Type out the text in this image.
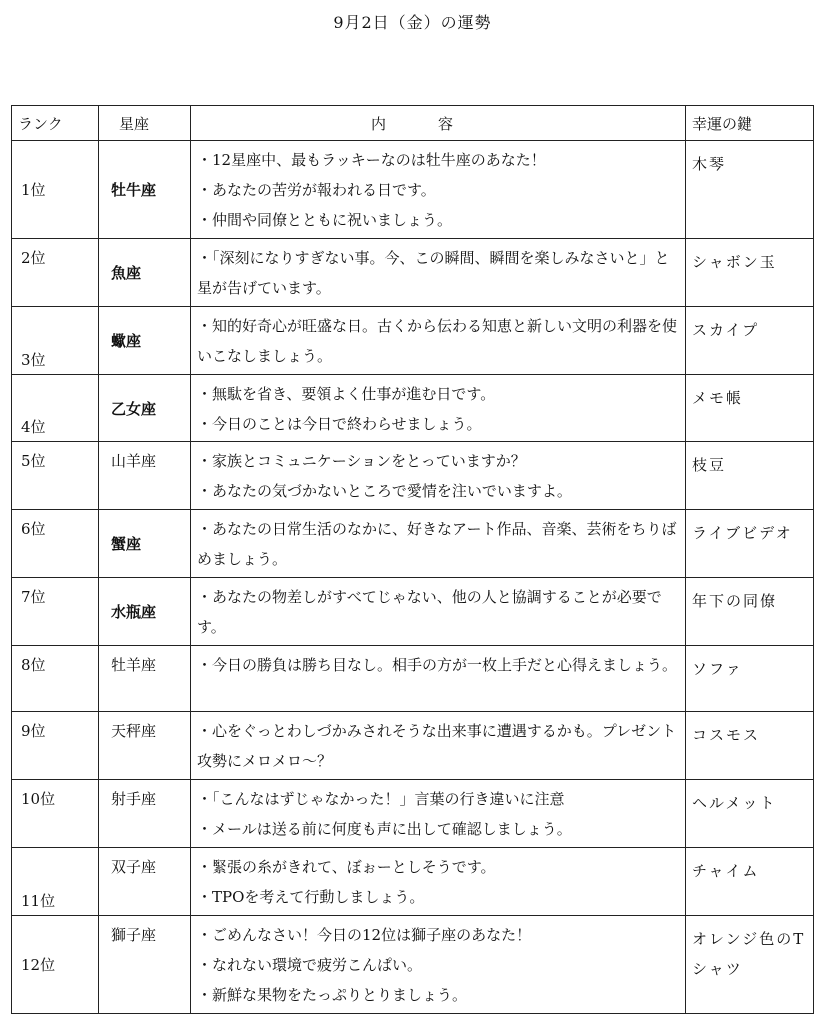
9月2日（金）の運勢
ランク	星座	内容	幸運の鍵
1位	牡牛座	・12星座中、最もラッキーなのは牡牛座のあなた！
・あなたの苦労が報われる日です。
・仲間や同僚とともに祝いましょう。	木琴
2位	魚座	・「深刻になりすぎない事。今、この瞬間、瞬間を楽しみなさいと」と星が告げています。	シャボン玉
3位	蠍座	・知的好奇心が旺盛な日。古くから伝わる知恵と新しい文明の利器を使いこなしましょう。	スカイプ
4位	乙女座	・無駄を省き、要領よく仕事が進む日です。
・今日のことは今日で終わらせましょう。	メモ帳
5位	山羊座	・家族とコミュニケーションをとっていますか？
・あなたの気づかないところで愛情を注いでいますよ。	枝豆
6位	蟹座	・あなたの日常生活のなかに、好きなアート作品、音楽、芸術をちりばめましょう。	ライブビデオ
7位	水瓶座	・あなたの物差しがすべてじゃない、他の人と協調することが必要です。	年下の同僚
8位	牡羊座	・今日の勝負は勝ち目なし。相手の方が一枚上手だと心得えましょう。	ソファ
9位	天秤座	・心をぐっとわしづかみされそうな出来事に遭遇するかも。プレゼント攻勢にメロメロ～？	コスモス
10位	射手座	・「こんなはずじゃなかった！」言葉の行き違いに注意
・メールは送る前に何度も声に出して確認しましょう。	ヘルメット
11位	双子座	・緊張の糸がきれて、ぼぉーとしそうです。
・TPOを考えて行動しましょう。	チャイム
12位	獅子座	・ごめんなさい！今日の12位は獅子座のあなた！
・なれない環境で疲労こんぱい。
・新鮮な果物をたっぷりとりましょう。	オレンジ色のTシャツ
